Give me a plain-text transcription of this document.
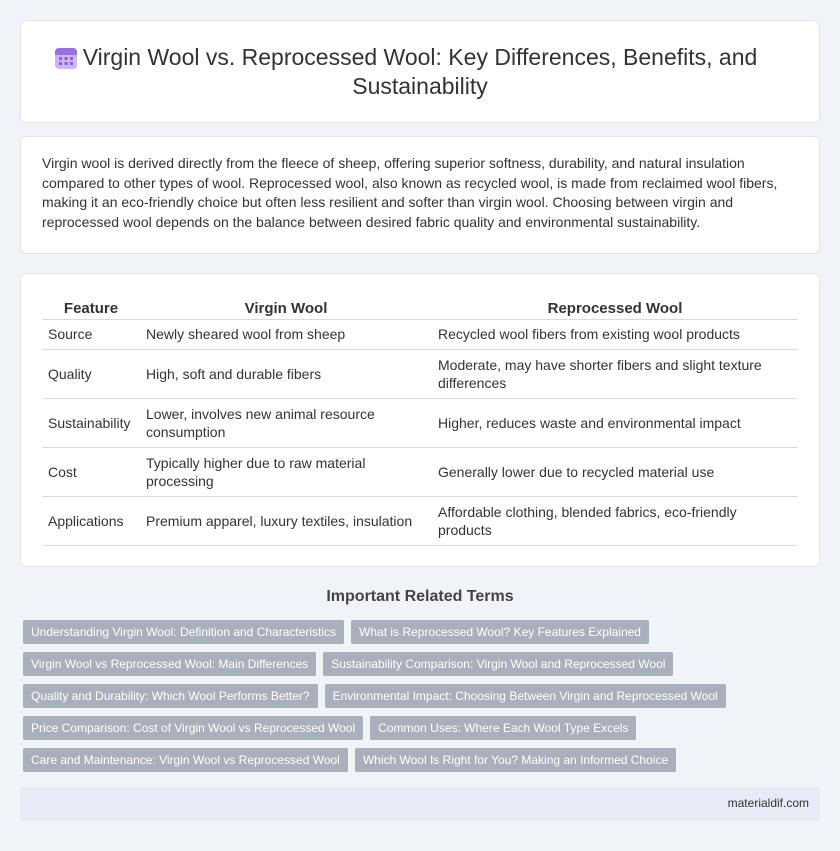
Virgin Wool vs. Reprocessed Wool: Key Differences, Benefits, and Sustainability

Virgin wool is derived directly from the fleece of sheep, offering superior softness, durability, and natural insulation compared to other types of wool. Reprocessed wool, also known as recycled wool, is made from reclaimed wool fibers, making it an eco-friendly choice but often less resilient and softer than virgin wool. Choosing between virgin and reprocessed wool depends on the balance between desired fabric quality and environmental sustainability.

Feature	Virgin Wool	Reprocessed Wool
Source	Newly sheared wool from sheep	Recycled wool fibers from existing wool products
Quality	High, soft and durable fibers	Moderate, may have shorter fibers and slight texture differences
Sustainability	Lower, involves new animal resource consumption	Higher, reduces waste and environmental impact
Cost	Typically higher due to raw material processing	Generally lower due to recycled material use
Applications	Premium apparel, luxury textiles, insulation	Affordable clothing, blended fabrics, eco-friendly products
Important Related Terms
Understanding Virgin Wool: Definition and Characteristics	What is Reprocessed Wool? Key Features Explained
Virgin Wool vs Reprocessed Wool: Main Differences	Sustainability Comparison: Virgin Wool and Reprocessed Wool
Quality and Durability: Which Wool Performs Better?	Environmental Impact: Choosing Between Virgin and Reprocessed Wool
Price Comparison: Cost of Virgin Wool vs Reprocessed Wool	Common Uses: Where Each Wool Type Excels
Care and Maintenance: Virgin Wool vs Reprocessed Wool	Which Wool Is Right for You? Making an Informed Choice
materialdif.com
